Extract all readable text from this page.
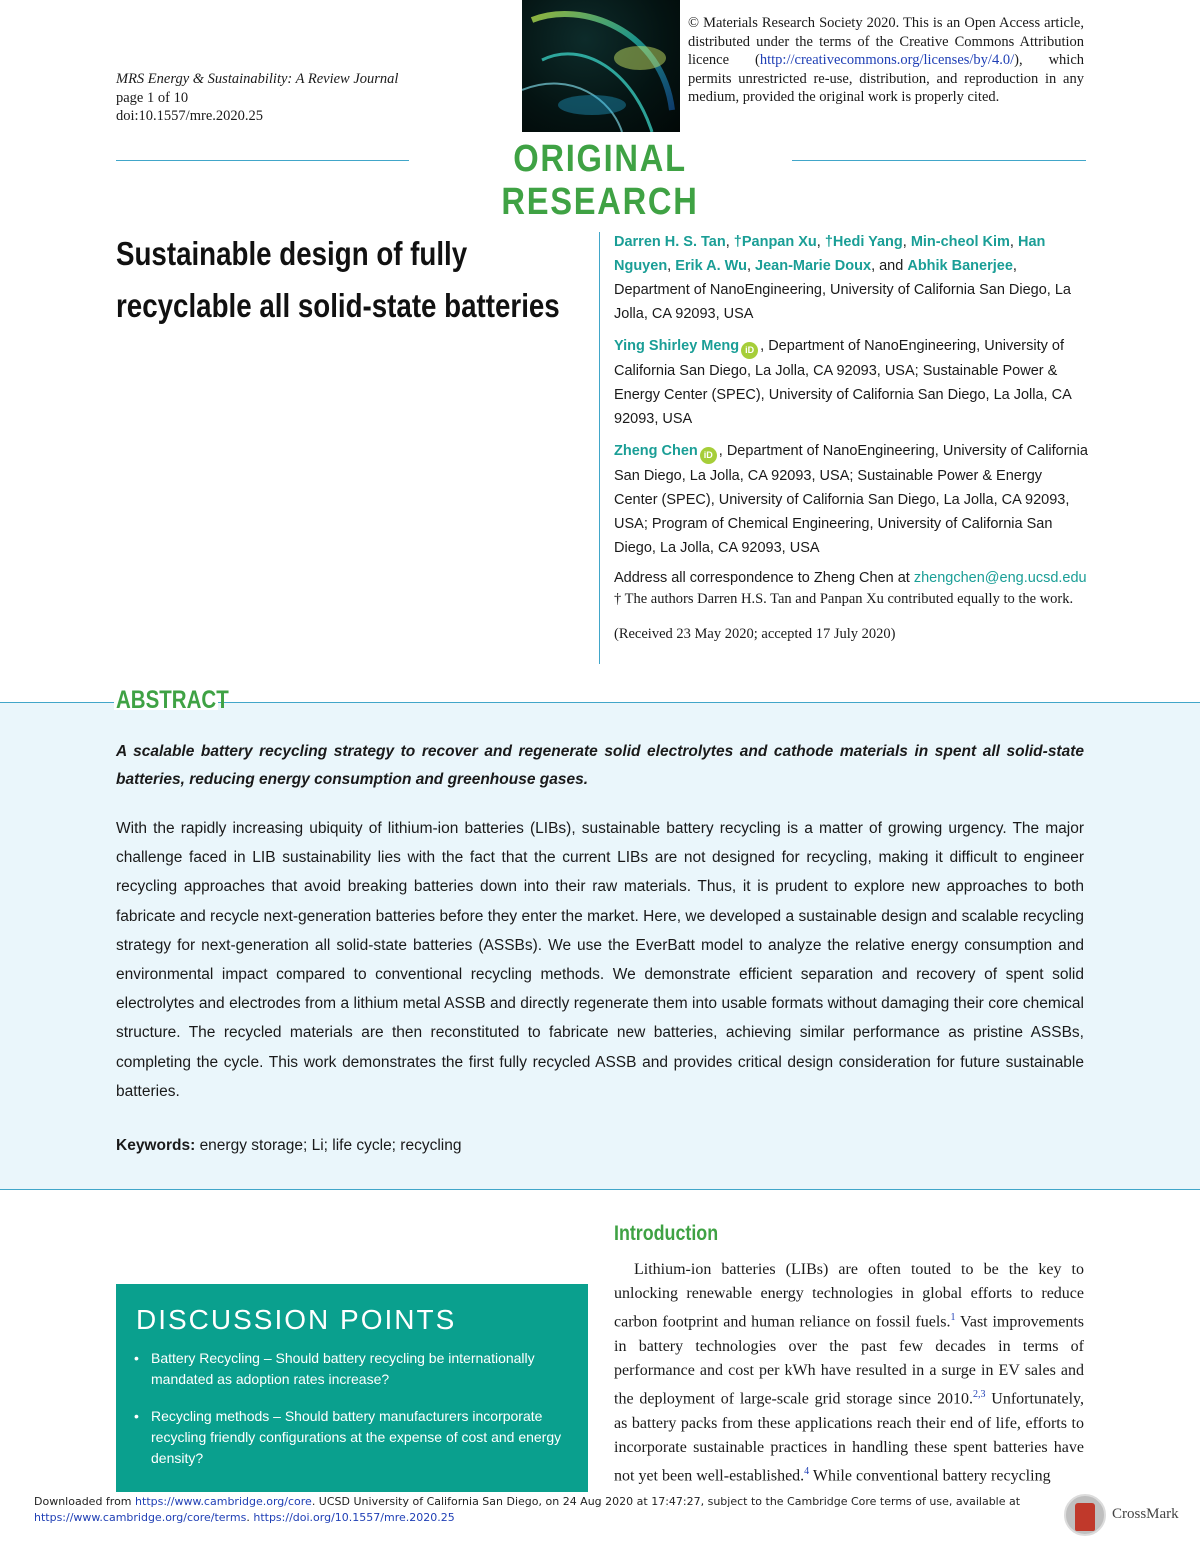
MRS Energy & Sustainability: A Review Journal
page 1 of 10
doi:10.1557/mre.2020.25
© Materials Research Society 2020. This is an Open Access article, distributed under the terms of the Creative Commons Attribution licence (http://creativecommons.org/licenses/by/4.0/), which permits unrestricted re-use, distribution, and reproduction in any medium, provided the original work is properly cited.
ORIGINAL RESEARCH
Sustainable design of fully
recyclable all solid-state batteries

Darren H. S. Tan, †Panpan Xu, †Hedi Yang, Min-cheol Kim, Han Nguyen, Erik A. Wu, Jean-Marie Doux, and Abhik Banerjee, Department of NanoEngineering, University of California San Diego, La Jolla, CA 92093, USA

Ying Shirley Meng iD , Department of NanoEngineering, University of California San Diego, La Jolla, CA 92093, USA; Sustainable Power & Energy Center (SPEC), University of California San Diego, La Jolla, CA 92093, USA

Zheng Chen iD , Department of NanoEngineering, University of California San Diego, La Jolla, CA 92093, USA; Sustainable Power & Energy Center (SPEC), University of California San Diego, La Jolla, CA 92093, USA; Program of Chemical Engineering, University of California San Diego, La Jolla, CA 92093, USA

Address all correspondence to Zheng Chen at zhengchen@eng.ucsd.edu

† The authors Darren H.S. Tan and Panpan Xu contributed equally to the work.

(Received 23 May 2020; accepted 17 July 2020)

ABSTRACT
A scalable battery recycling strategy to recover and regenerate solid electrolytes and cathode materials in spent all solid-state batteries, reducing energy consumption and greenhouse gases.
With the rapidly increasing ubiquity of lithium-ion batteries (LIBs), sustainable battery recycling is a matter of growing urgency. The major challenge faced in LIB sustainability lies with the fact that the current LIBs are not designed for recycling, making it difficult to engineer recycling approaches that avoid breaking batteries down into their raw materials. Thus, it is prudent to explore new approaches to both fabricate and recycle next-generation batteries before they enter the market. Here, we developed a sustainable design and scalable recycling strategy for next-generation all solid-state batteries (ASSBs). We use the EverBatt model to analyze the relative energy consumption and environmental impact compared to conventional recycling methods. We demonstrate efficient separation and recovery of spent solid electrolytes and electrodes from a lithium metal ASSB and directly regenerate them into usable formats without damaging their core chemical structure. The recycled materials are then reconstituted to fabricate new batteries, achieving similar performance as pristine ASSBs, completing the cycle. This work demonstrates the first fully recycled ASSB and provides critical design consideration for future sustainable batteries.
Keywords: energy storage; Li; life cycle; recycling
Introduction
Lithium-ion batteries (LIBs) are often touted to be the key to unlocking renewable energy technologies in global efforts to reduce carbon footprint and human reliance on fossil fuels.$^1$ Vast improvements in battery technologies over the past few decades in terms of performance and cost per kWh have resulted in a surge in EV sales and the deployment of large-scale grid storage since 2010.$^{2,3}$ Unfortunately, as battery packs from these applications reach their end of life, efforts to incorporate sustainable practices in handling these spent batteries have not yet been well-established.$^4$ While conventional battery recycling
DISCUSSION POINTS
• Battery Recycling – Should battery recycling be internationally mandated as adoption rates increase?
• Recycling methods – Should battery manufacturers incorporate recycling friendly configurations at the expense of cost and energy density?
Downloaded from https://www.cambridge.org/core. UCSD University of California San Diego, on 24 Aug 2020 at 17:47:27, subject to the Cambridge Core terms of use, available at
https://www.cambridge.org/core/terms. https://doi.org/10.1557/mre.2020.25	CrossMark
